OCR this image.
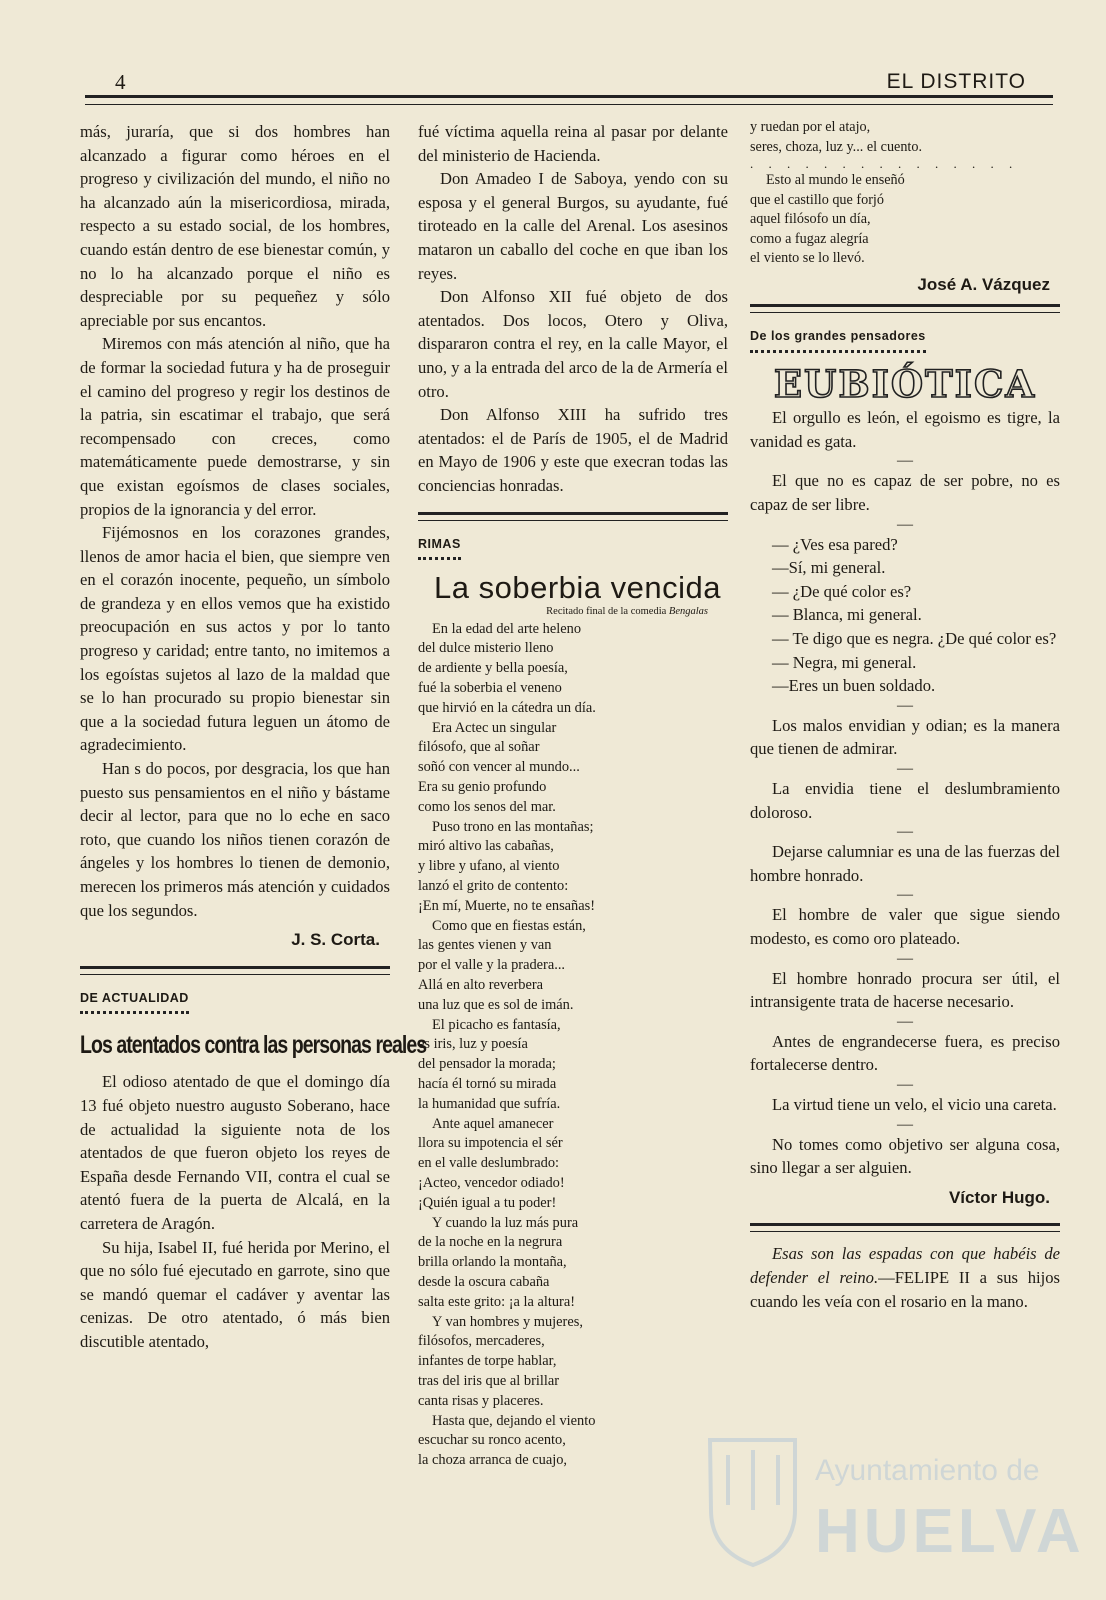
4	EL DISTRITO

más, juraría, que si dos hombres han alcanzado a figurar como héroes en el progreso y civilización del mundo, el niño no ha alcanzado aún la misericordiosa, mirada, respecto a su estado social, de los hombres, cuando están dentro de ese bienestar común, y no lo ha alcanzado porque el niño es despreciable por su pequeñez y sólo apreciable por sus encantos.

Miremos con más atención al niño, que ha de formar la sociedad futura y ha de proseguir el camino del progreso y regir los destinos de la patria, sin escatimar el trabajo, que será recompensado con creces, como matemáticamente puede demostrarse, y sin que existan egoísmos de clases sociales, propios de la ignorancia y del error.

Fijémosnos en los corazones grandes, llenos de amor hacia el bien, que siempre ven en el corazón inocente, pequeño, un símbolo de grandeza y en ellos vemos que ha existido preocupación en sus actos y por lo tanto progreso y caridad; entre tanto, no imitemos a los egoístas sujetos al lazo de la maldad que se lo han procurado su propio bienestar sin que a la sociedad futura leguen un átomo de agradecimiento.

Han s do pocos, por desgracia, los que han puesto sus pensamientos en el niño y bástame decir al lector, para que no lo eche en saco roto, que cuando los niños tienen corazón de ángeles y los hombres lo tienen de demonio, merecen los primeros más atención y cuidados que los segundos.

J. S. Corta.
DE ACTUALIDAD
Los atentados contra las personas reales

El odioso atentado de que el domingo día 13 fué objeto nuestro augusto Soberano, hace de actualidad la siguiente nota de los atentados de que fueron objeto los reyes de España desde Fernando VII, contra el cual se atentó fuera de la puerta de Alcalá, en la carretera de Aragón.

Su hija, Isabel II, fué herida por Merino, el que no sólo fué ejecutado en garrote, sino que se mandó quemar el cadáver y aventar las cenizas. De otro atentado, ó más bien discutible atentado,

fué víctima aquella reina al pasar por delante del ministerio de Hacienda.

Don Amadeo I de Saboya, yendo con su esposa y el general Burgos, su ayudante, fué tiroteado en la calle del Arenal. Los asesinos mataron un caballo del coche en que iban los reyes.

Don Alfonso XII fué objeto de dos atentados. Dos locos, Otero y Oliva, dispararon contra el rey, en la calle Mayor, el uno, y a la entrada del arco de la de Armería el otro.

Don Alfonso XIII ha sufrido tres atentados: el de París de 1905, el de Madrid en Mayo de 1906 y este que execran todas las conciencias honradas.

RIMAS
La soberbia vencida
Recitado final de la comedia Bengalas
En la edad del arte heleno
del dulce misterio lleno
de ardiente y bella poesía,
fué la soberbia el veneno
que hirvió en la cátedra un día.
Era Actec un singular
filósofo, que al soñar
soñó con vencer al mundo...
Era su genio profundo
como los senos del mar.
Puso trono en las montañas;
miró altivo las cabañas,
y libre y ufano, al viento
lanzó el grito de contento:
¡En mí, Muerte, no te ensañas!
Como que en fiestas están,
las gentes vienen y van
por el valle y la pradera...
Allá en alto reverbera
una luz que es sol de imán.
El picacho es fantasía,
es iris, luz y poesía
del pensador la morada;
hacía él tornó su mirada
la humanidad que sufría.
Ante aquel amanecer
llora su impotencia el sér
en el valle deslumbrado:
¡Acteo, vencedor odiado!
¡Quién igual a tu poder!
Y cuando la luz más pura
de la noche en la negrura
brilla orlando la montaña,
desde la oscura cabaña
salta este grito: ¡a la altura!
Y van hombres y mujeres,
filósofos, mercaderes,
infantes de torpe hablar,
tras del iris que al brillar
canta risas y placeres.
Hasta que, dejando el viento
escuchar su ronco acento,
la choza arranca de cuajo,
y ruedan por el atajo,
seres, choza, luz y... el cuento.
. . . . . . . . . . . . . . .
Esto al mundo le enseñó
que el castillo que forjó
aquel filósofo un día,
como a fugaz alegría
el viento se lo llevó.
José A. Vázquez
De los grandes pensadores
EUBIÓTICA

El orgullo es león, el egoismo es tigre, la vanidad es gata.

—

El que no es capaz de ser pobre, no es capaz de ser libre.

—

— ¿Ves esa pared?

—Sí, mi general.

— ¿De qué color es?

— Blanca, mi general.

— Te digo que es negra. ¿De qué color es?

— Negra, mi general.

—Eres un buen soldado.

—

Los malos envidian y odian; es la manera que tienen de admirar.

—

La envidia tiene el deslumbramiento doloroso.

—

Dejarse calumniar es una de las fuerzas del hombre honrado.

—

El hombre de valer que sigue siendo modesto, es como oro plateado.

—

El hombre honrado procura ser útil, el intransigente trata de hacerse necesario.

—

Antes de engrandecerse fuera, es preciso fortalecerse dentro.

—

La virtud tiene un velo, el vicio una careta.

—

No tomes como objetivo ser alguna cosa, sino llegar a ser alguien.

Víctor Hugo.

Esas son las espadas con que habéis de defender el reino.—FELIPE II a sus hijos cuando les veía con el rosario en la mano.

Ayuntamiento de
HUELVA
